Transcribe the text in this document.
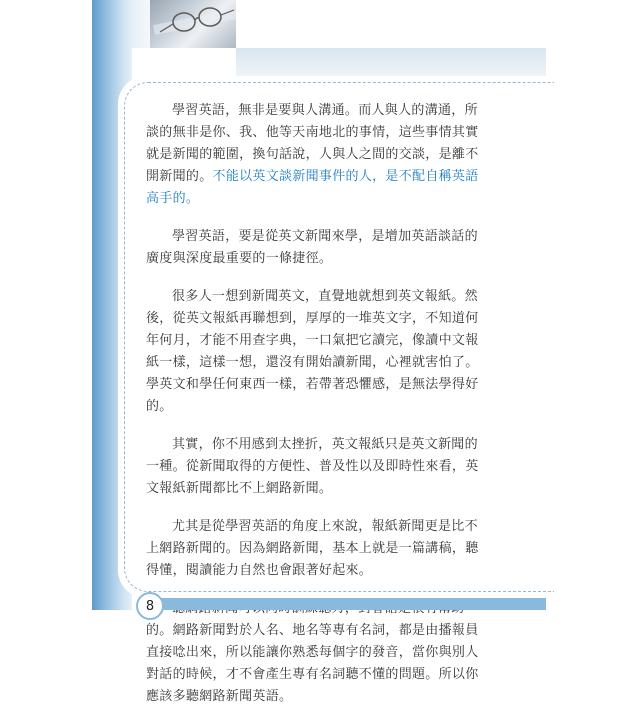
學習英語，無非是要與人溝通。而人與人的溝通，所談的無非是你、我、他等天南地北的事情，這些事情其實就是新聞的範圍，換句話說，人與人之間的交談，是離不開新聞的。不能以英文談新聞事件的人，是不配自稱英語高手的。

學習英語，要是從英文新聞來學，是增加英語談話的廣度與深度最重要的一條捷徑。

很多人一想到新聞英文，直覺地就想到英文報紙。然後，從英文報紙再聯想到，厚厚的一堆英文字，不知道何年何月，才能不用查字典，一口氣把它讀完，像讀中文報紙一樣，這樣一想，還沒有開始讀新聞，心裡就害怕了。學英文和學任何東西一樣，若帶著恐懼感，是無法學得好的。

其實，你不用感到太挫折，英文報紙只是英文新聞的一種。從新聞取得的方便性、普及性以及即時性來看，英文報紙新聞都比不上網路新聞。

尤其是從學習英語的角度上來說，報紙新聞更是比不上網路新聞的。因為網路新聞，基本上就是一篇講稿，聽得懂，閱讀能力自然也會跟著好起來。

的。網路新聞對於人名、地名等專有名詞，都是由播報員直接唸出來，所以能讓你熟悉每個字的發音，當你與別人對話的時候，才不會產生專有名詞聽不懂的問題。所以你應該多聽網路新聞英語。

8
